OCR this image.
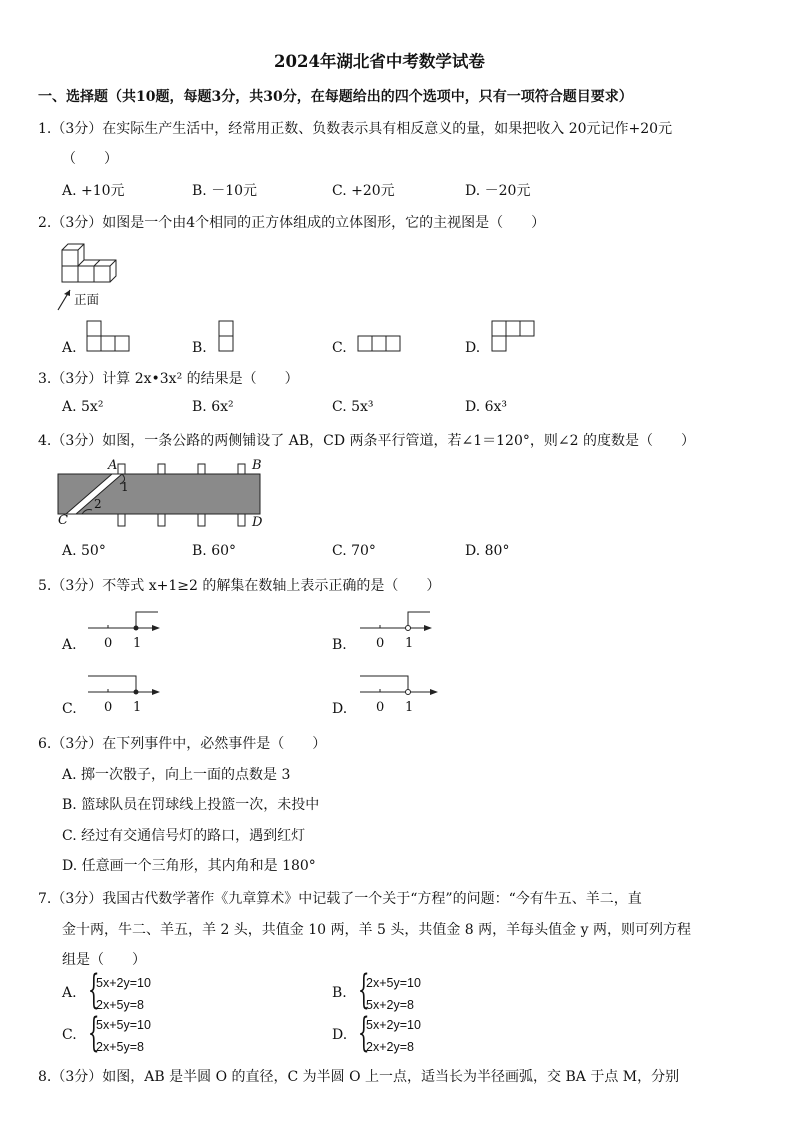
2024年湖北省中考数学试卷
一、选择题（共10题，每题3分，共30分，在每题给出的四个选项中，只有一项符合题目要求）
1.（3分）在实际生产生活中，经常用正数、负数表示具有相反意义的量，如果把收入 20元记作+20元
（　　）
A. +10元	B. －10元	C. +20元	D. －20元
2.（3分）如图是一个由4个相同的正方体组成的立体图形，它的主视图是（　　）
正面
A.	B.	C.	D.
3.（3分）计算 2x•3x² 的结果是（　　）
A. 5x²	B. 6x²	C. 5x³	D. 6x³
4.（3分）如图，一条公路的两侧铺设了 AB，CD 两条平行管道，若∠1＝120°，则∠2 的度数是（　　）
A	B
C	D
1
2
A. 50°	B. 60°	C. 70°	D. 80°
5.（3分）不等式 x+1≥2 的解集在数轴上表示正确的是（　　）
A. 0 1	B. 0 1
C. 0 1	D. 0 1
6.（3分）在下列事件中，必然事件是（　　）
A. 掷一次骰子，向上一面的点数是 3
B. 篮球队员在罚球线上投篮一次，未投中
C. 经过有交通信号灯的路口，遇到红灯
D. 任意画一个三角形，其内角和是 180°
7.（3分）我国古代数学著作《九章算术》中记载了一个关于“方程”的问题：“今有牛五、羊二，直
金十两，牛二、羊五，羊 2 头，共值金 10 两，羊 5 头，共值金 8 两，羊每头值金 y 两，则可列方程
组是（　　）
A. {
5x+2y=10
2x+5y=8
B. {
2x+5y=10
5x+2y=8
C. {
5x+5y=10
2x+5y=8
D. {
5x+2y=10
2x+2y=8
8.（3分）如图，AB 是半圆 O 的直径，C 为半圆 O 上一点，适当长为半径画弧，交 BA 于点 M，分别
